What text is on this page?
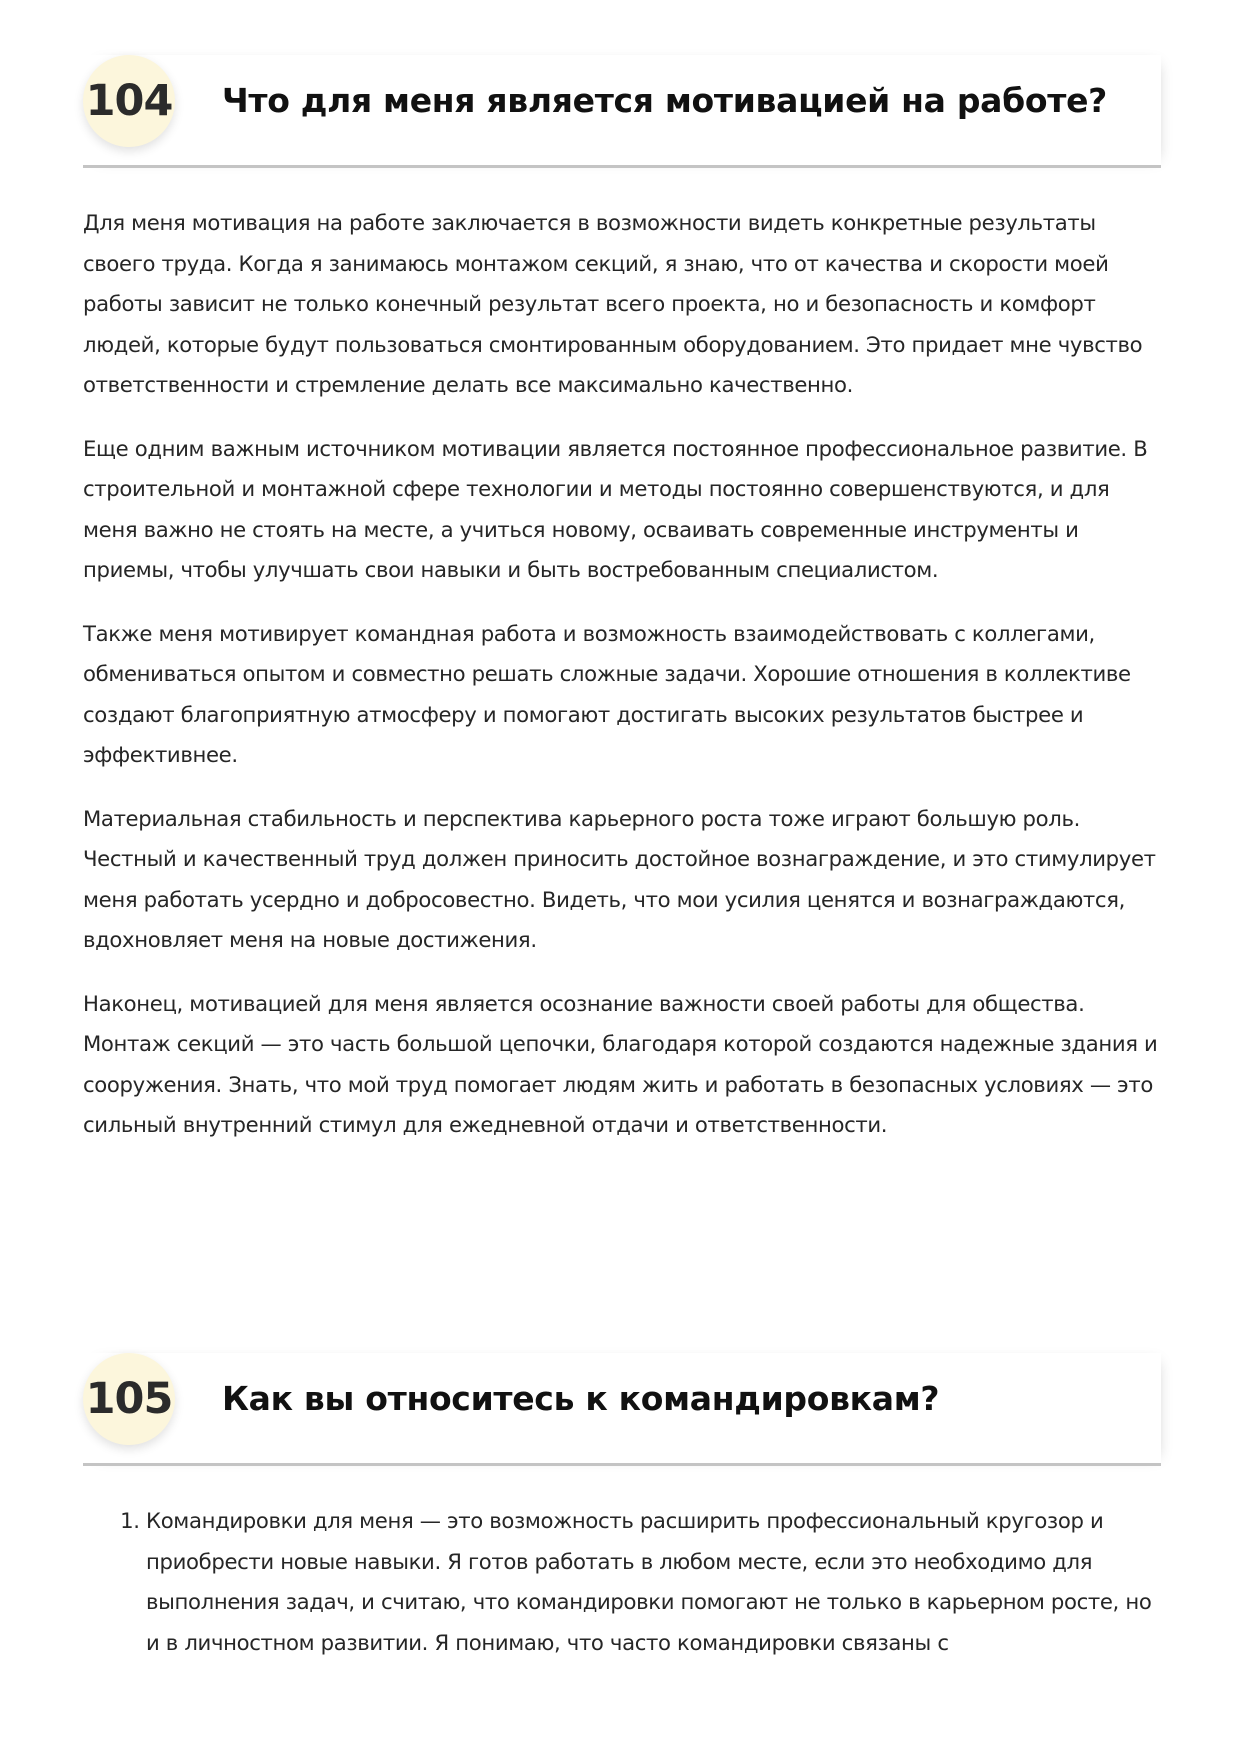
104 Что для меня является мотивацией на работе?

Для меня мотивация на работе заключается в возможности видеть конкретные результаты своего труда. Когда я занимаюсь монтажом секций, я знаю, что от качества и скорости моей работы зависит не только конечный результат всего проекта, но и безопасность и комфорт людей, которые будут пользоваться смонтированным оборудованием. Это придает мне чувство ответственности и стремление делать все максимально качественно.

Еще одним важным источником мотивации является постоянное профессиональное развитие. В строительной и монтажной сфере технологии и методы постоянно совершенствуются, и для меня важно не стоять на месте, а учиться новому, осваивать современные инструменты и приемы, чтобы улучшать свои навыки и быть востребованным специалистом.

Также меня мотивирует командная работа и возможность взаимодействовать с коллегами, обмениваться опытом и совместно решать сложные задачи. Хорошие отношения в коллективе создают благоприятную атмосферу и помогают достигать высоких результатов быстрее и эффективнее.

Материальная стабильность и перспектива карьерного роста тоже играют большую роль. Честный и качественный труд должен приносить достойное вознаграждение, и это стимулирует меня работать усердно и добросовестно. Видеть, что мои усилия ценятся и вознаграждаются, вдохновляет меня на новые достижения.

Наконец, мотивацией для меня является осознание важности своей работы для общества. Монтаж секций — это часть большой цепочки, благодаря которой создаются надежные здания и сооружения. Знать, что мой труд помогает людям жить и работать в безопасных условиях — это сильный внутренний стимул для ежедневной отдачи и ответственности.

105 Как вы относитесь к командировкам?
1. Командировки для меня — это возможность расширить профессиональный кругозор и приобрести новые навыки. Я готов работать в любом месте, если это необходимо для выполнения задач, и считаю, что командировки помогают не только в карьерном росте, но и в личностном развитии. Я понимаю, что часто командировки связаны с
